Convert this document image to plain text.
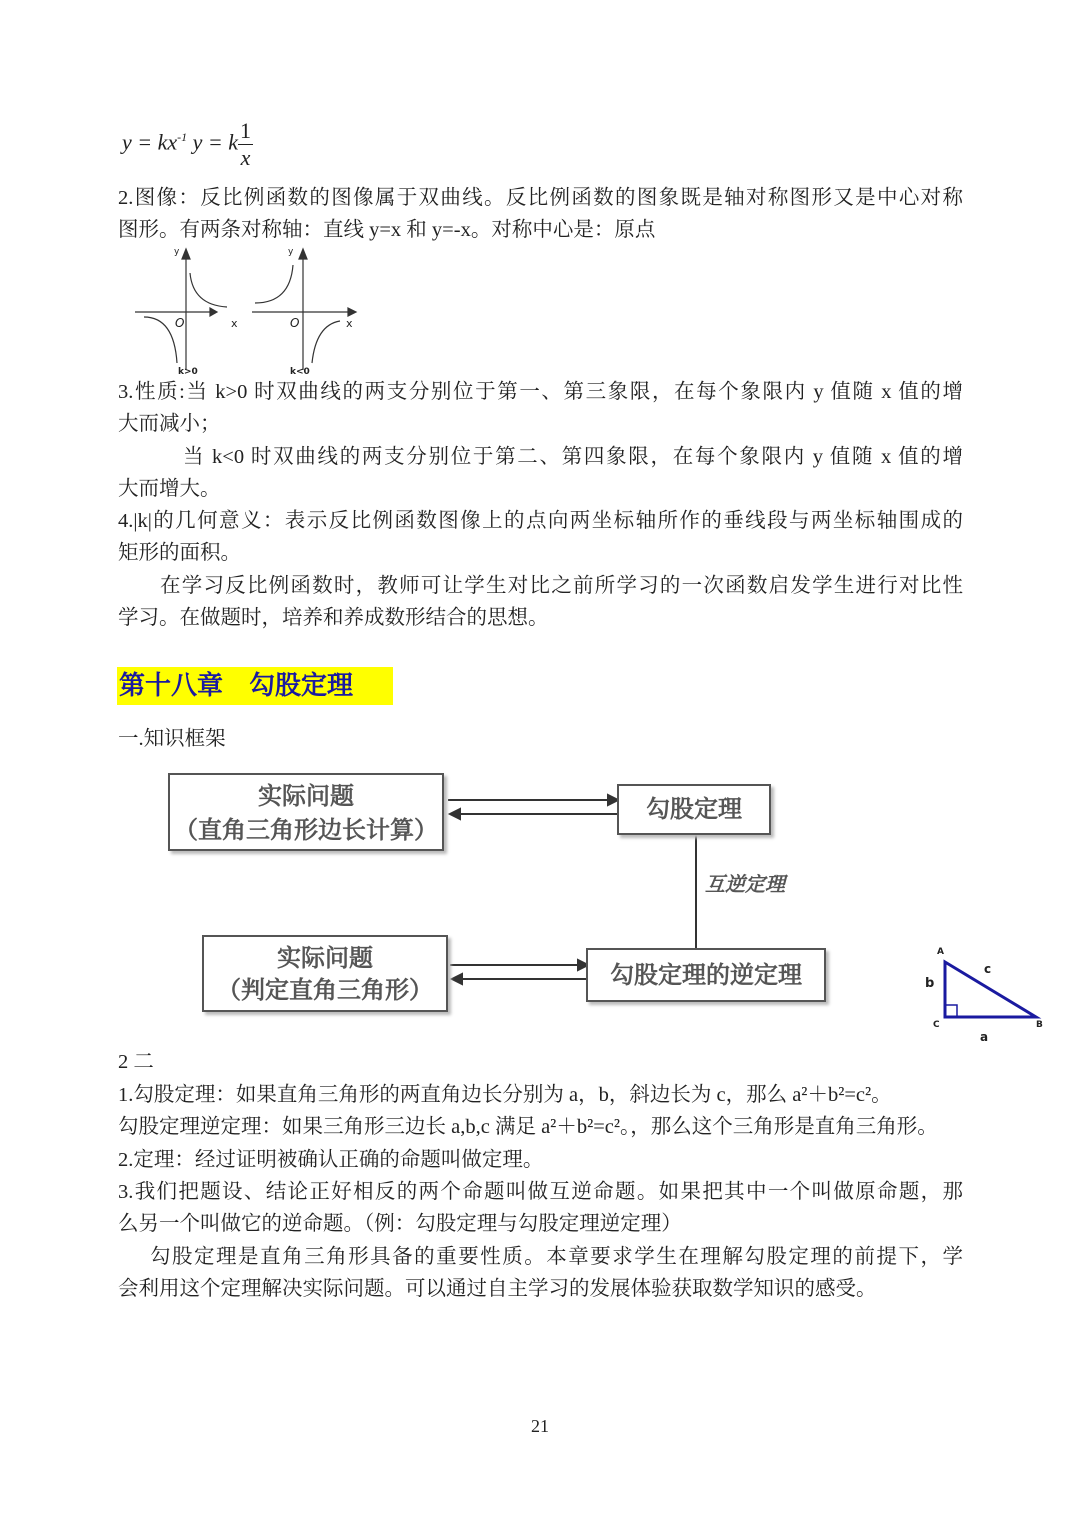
$y = kx^{-1}$ y = k $\frac{1}{x}$
2.图像：反比例函数的图像属于双曲线。反比例函数的图象既是轴对称图形又是中心对称
图形。有两条对称轴：直线 y=x 和 y=-x。对称中心是：原点
y	y
x	x
O	O
k>0	k<0
3.性质:当 k>0 时双曲线的两支分别位于第一、第三象限，在每个象限内 y 值随 x 值的增
大而减小；
当 k<0 时双曲线的两支分别位于第二、第四象限，在每个象限内 y 值随 x 值的增
大而增大。
4.|k|的几何意义：表示反比例函数图像上的点向两坐标轴所作的垂线段与两坐标轴围成的
矩形的面积。
在学习反比例函数时，教师可让学生对比之前所学习的一次函数启发学生进行对比性
学习。在做题时，培养和养成数形结合的思想。
第十八章　勾股定理
一.知识框架
实际问题
（直角三角形边长计算）
勾股定理
互逆定理
实际问题
（判定直角三角形）
勾股定理的逆定理
A
C	B
b
c
a
2 二
1.勾股定理：如果直角三角形的两直角边长分别为 a，b，斜边长为 c，那么 a²＋b²=c²。
勾股定理逆定理：如果三角形三边长 a,b,c 满足 a²＋b²=c²。，那么这个三角形是直角三角形。
2.定理：经过证明被确认正确的命题叫做定理。
3.我们把题设、结论正好相反的两个命题叫做互逆命题。如果把其中一个叫做原命题，那
么另一个叫做它的逆命题。（例：勾股定理与勾股定理逆定理）
勾股定理是直角三角形具备的重要性质。本章要求学生在理解勾股定理的前提下，学
会利用这个定理解决实际问题。可以通过自主学习的发展体验获取数学知识的感受。
21
